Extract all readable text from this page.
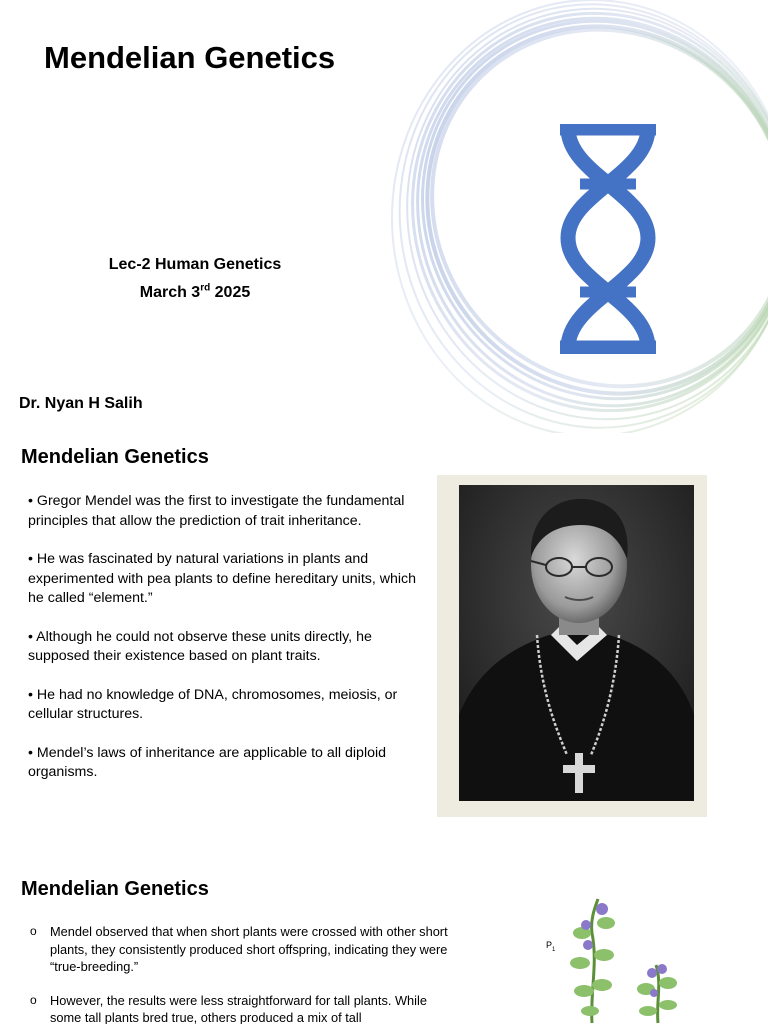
Mendelian Genetics
Lec-2 Human Genetics
March 3rd 2025
Dr. Nyan H Salih
Mendelian Genetics
• Gregor Mendel was the first to investigate the fundamental principles that allow the prediction of trait inheritance.
• He was fascinated by natural variations in plants and experimented with pea plants to define hereditary units, which he called “element.”
• Although he could not observe these units directly, he supposed their existence based on plant traits.
• He had no knowledge of DNA, chromosomes, meiosis, or cellular structures.
• Mendel’s laws of inheritance are applicable to all diploid organisms.
Mendelian Genetics
o Mendel observed that when short plants were crossed with other short plants, they consistently produced short offspring, indicating they were “true-breeding.”
o However, the results were less straightforward for tall plants. While some tall plants bred true, others produced a mix of tall
$P_1$
